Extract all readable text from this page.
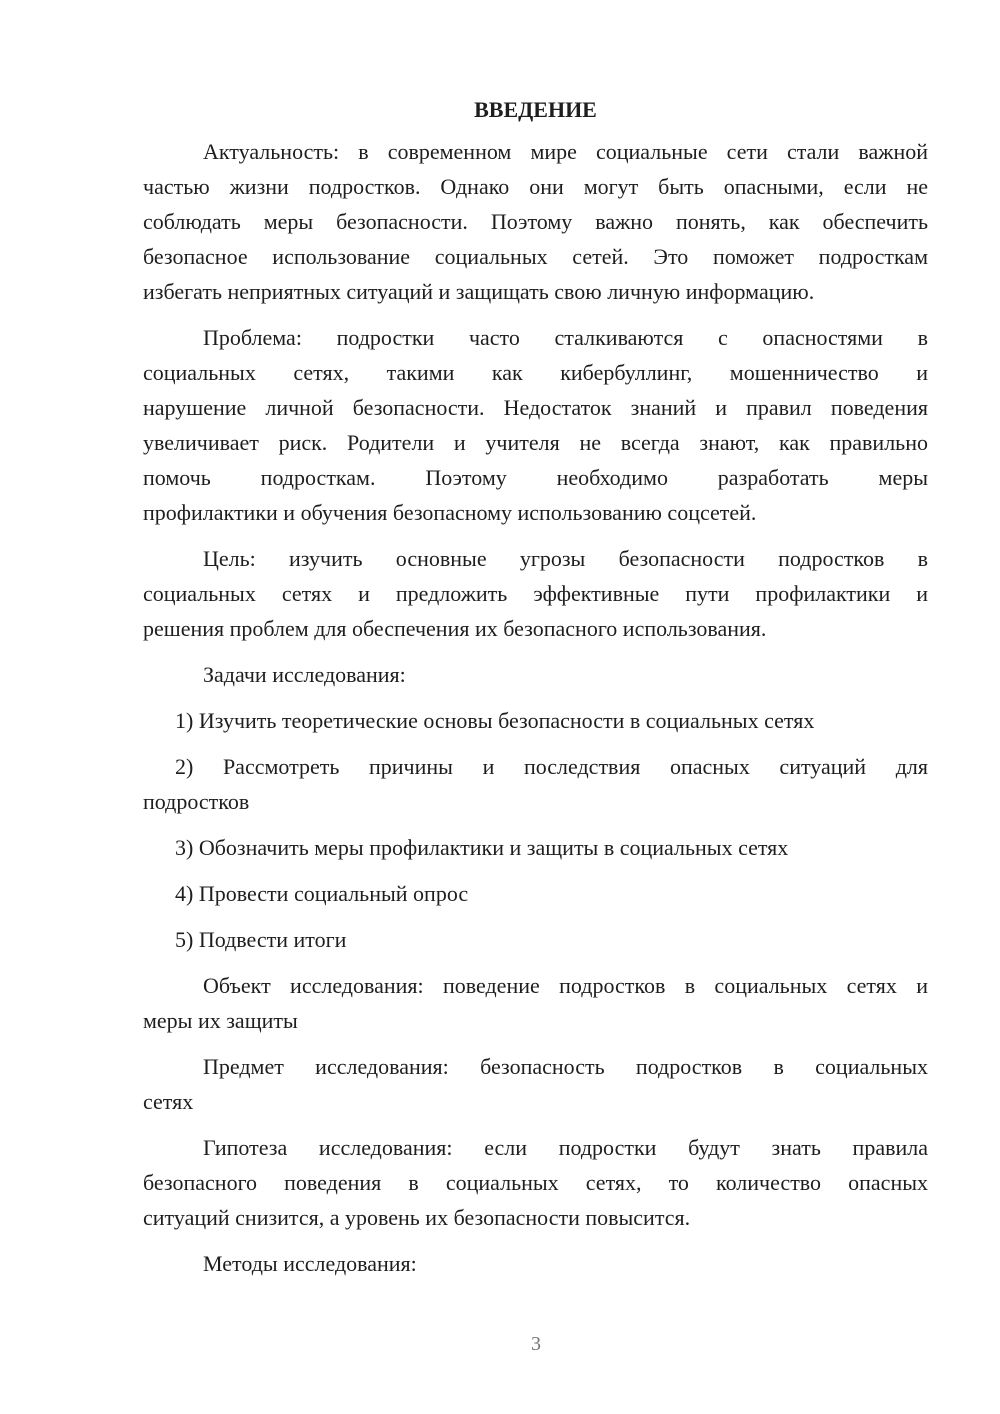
ВВЕДЕНИЕ
Актуальность: в современном мире социальные сети стали важной
частью жизни подростков. Однако они могут быть опасными, если не
соблюдать меры безопасности. Поэтому важно понять, как обеспечить
безопасное использование социальных сетей. Это поможет подросткам
избегать неприятных ситуаций и защищать свою личную информацию.
Проблема: подростки часто сталкиваются с опасностями в
социальных сетях, такими как кибербуллинг, мошенничество и
нарушение личной безопасности. Недостаток знаний и правил поведения
увеличивает риск. Родители и учителя не всегда знают, как правильно
помочь подросткам. Поэтому необходимо разработать меры
профилактики и обучения безопасному использованию соцсетей.
Цель: изучить основные угрозы безопасности подростков в
социальных сетях и предложить эффективные пути профилактики и
решения проблем для обеспечения их безопасного использования.
Задачи исследования:
1) Изучить теоретические основы безопасности в социальных сетях
2) Рассмотреть причины и последствия опасных ситуаций для
подростков
3) Обозначить меры профилактики и защиты в социальных сетях
4) Провести социальный опрос
5) Подвести итоги
Объект исследования: поведение подростков в социальных сетях и
меры их защиты
Предмет исследования: безопасность подростков в социальных
сетях
Гипотеза исследования: если подростки будут знать правила
безопасного поведения в социальных сетях, то количество опасных
ситуаций снизится, а уровень их безопасности повысится.
Методы исследования:
3
